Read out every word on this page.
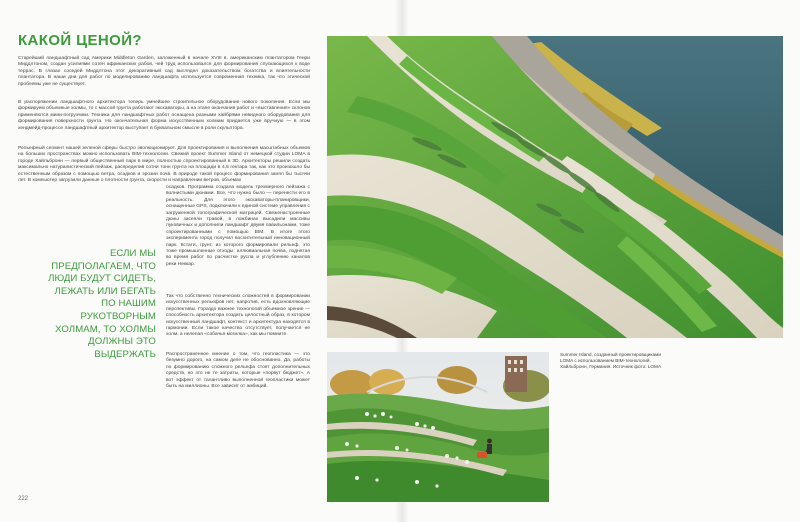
КАКОЙ ЦЕНОЙ?
Старейший ландшафтный сад Америки Middleton Garden, заложенный в начале XVIII в. американским плантатором Генри Миддлтоном, создан усилиями сотен африканских рабов, чей труд использовался для формирования спускающихся к воде террас. В глазах соседей Миддлтона этот декоративный сад выглядел доказательством богатства и влиятельности плантатора. В наши дни для работ по моделированию ландшафта используется современная техника, так что этической проблемы уже не существует.
В распоряжении ландшафтного архитектора теперь умнейшее строительное оборудование нового поколения. Если мы формируем объемные холмы, то с массой грунта работают экскаваторы, а на этапе окончания работ и «выставления» склонов применяются мини-погрузчики. Техника для ландшафтных работ оснащена разными хайбрями невидного оборудования для формирования поверхности грунта. Но окончательная форма искусственным холмам придается уже вручную — в этом хендмейд-процессе ландшафтный архитектор выступает в буквальном смысле в роли скульптора.
Рельефный сегмент нашей зеленой сферы быстро эволюционирует. Для проектирования и выполнения масштабных объемов на больших пространствах можно использовать BIM-технологии. Свежий проект Summer Island от немецкой студии LOMA в городе Хайльбронн — первый общественный парк в мире, полностью спроектированный в 3D. Архитекторы решили создать максимально натуралистический пейзаж, распределив сотни тонн грунта на площади в 4,5 гектара так, как это произошло бы естественным образом с помощью ветра, осадков и эрозии почв. В природе такой процесс формирования занял бы тысячи лет. В компьютер загрузили данные о плотности грунта, скорости и направлении ветров, объемах
осадков. Программа создала модель трехмерного пейзажа с волнистыми дюнами. Все, что нужно было — перенести его в реальность. Для этого экскаваторы-планировщики, оснащенные GPS, подключили к единой системе управления с загруженной топографической матрицей. Свеженастроенные дюны засеяли травой, в ложбинах высадили массивы луковичных и дополнили ландшафт двумя павильонами, тоже спроектированными с помощью BIM. В итоге этого эксперимента город получил восхитительный инновационный парк. Кстати, грунт, из которого формировали рельеф, это тоже промышленные отходы: аллювиальная почва, поднятая во время работ по расчистке русла и углублению каналов реки Неккар.
Так что собственно технических сложностей в формировании искусственных рельефов нет, напротив, есть вдохновляющие перспективы. Гораздо важнее технологий объемное зрение — способность архитектора создать целостный образ, в котором искусственный ландшафт, контекст и архитектура находятся в гармонии. Если такое качество отсутствует, получается не холм, а нелепая «собачья могилка», как мы помните.
Распространенное мнение о том, что геопластика — это безумно дорого, на самом деле не обоснованно. Да, работы по формированию сложного рельефа стоят дополнительных средств, но это не те затраты, которые «порвут бюджет». А вот эффект от талантливо выполненной геопластики может быть на миллионы. Все зависит от амбиций.
ЕСЛИ МЫ ПРЕДПОЛАГАЕМ, ЧТО ЛЮДИ БУДУТ СИДЕТЬ, ЛЕЖАТЬ ИЛИ БЕГАТЬ ПО НАШИМ РУКОТВОРНЫМ ХОЛМАМ, ТО ХОЛМЫ ДОЛЖНЫ ЭТО ВЫДЕРЖАТЬ
222
Summer Island, созданный проектировщиками LOMA с использованием BIM-технологий. Хайльбронн, Германия. Источник фото: LOMA
